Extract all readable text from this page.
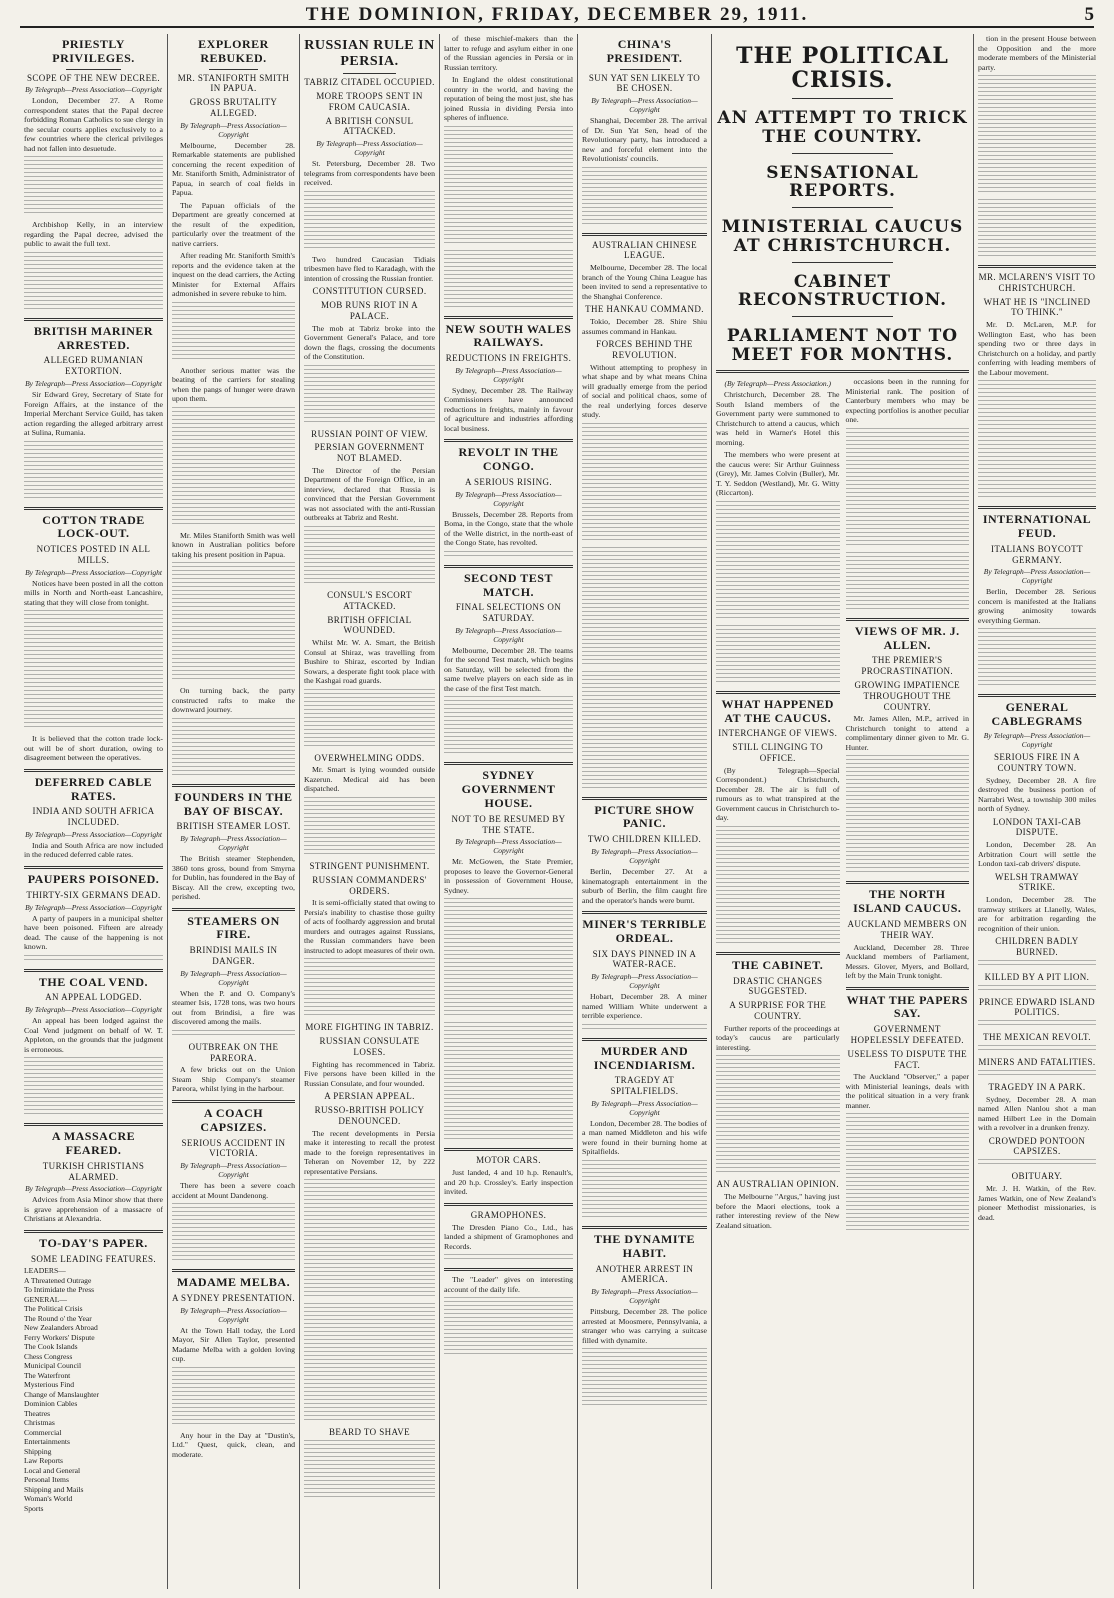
THE DOMINION, FRIDAY, DECEMBER 29, 1911.	5
PRIESTLY PRIVILEGES.
SCOPE OF THE NEW DECREE.
By Telegraph—Press Association—Copyright

London, December 27. A Rome correspondent states that the Papal decree forbidding Roman Catholics to sue clergy in the secular courts applies exclusively to a few countries where the clerical privileges had not fallen into desuetude.

Archbishop Kelly, in an interview regarding the Papal decree, advised the public to await the full text.

BRITISH MARINER ARRESTED.
ALLEGED RUMANIAN EXTORTION.
By Telegraph—Press Association—Copyright

Sir Edward Grey, Secretary of State for Foreign Affairs, at the instance of the Imperial Merchant Service Guild, has taken action regarding the alleged arbitrary arrest at Sulina, Rumania.

COTTON TRADE LOCK-OUT.
NOTICES POSTED IN ALL MILLS.
By Telegraph—Press Association—Copyright

Notices have been posted in all the cotton mills in North and North-east Lancashire, stating that they will close from tonight.

It is believed that the cotton trade lock-out will be of short duration, owing to disagreement between the operatives.

DEFERRED CABLE RATES.
INDIA AND SOUTH AFRICA INCLUDED.
By Telegraph—Press Association—Copyright

India and South Africa are now included in the reduced deferred cable rates.

PAUPERS POISONED.
THIRTY-SIX GERMANS DEAD.
By Telegraph—Press Association—Copyright

A party of paupers in a municipal shelter have been poisoned. Fifteen are already dead. The cause of the happening is not known.

THE COAL VEND.
AN APPEAL LODGED.
By Telegraph—Press Association—Copyright

An appeal has been lodged against the Coal Vend judgment on behalf of W. T. Appleton, on the grounds that the judgment is erroneous.

A MASSACRE FEARED.
TURKISH CHRISTIANS ALARMED.
By Telegraph—Press Association—Copyright

Advices from Asia Minor show that there is grave apprehension of a massacre of Christians at Alexandria.

TO-DAY'S PAPER.
SOME LEADING FEATURES.
LEADERS—
A Threatened Outrage
To Intimidate the Press
GENERAL—
The Political Crisis
The Round o' the Year
New Zealanders Abroad
Ferry Workers' Dispute
The Cook Islands
Chess Congress
Municipal Council
The Waterfront
Mysterious Find
Change of Manslaughter
Dominion Cables
Theatres
Christmas
Commercial
Entertainments
Shipping
Law Reports
Local and General
Personal Items
Shipping and Mails
Woman's World
Sports
EXPLORER REBUKED.
MR. STANIFORTH SMITH IN PAPUA.
GROSS BRUTALITY ALLEGED.
By Telegraph—Press Association—Copyright

Melbourne, December 28. Remarkable statements are published concerning the recent expedition of Mr. Staniforth Smith, Administrator of Papua, in search of coal fields in Papua.

The Papuan officials of the Department are greatly concerned at the result of the expedition, particularly over the treatment of the native carriers.

After reading Mr. Staniforth Smith's reports and the evidence taken at the inquest on the dead carriers, the Acting Minister for External Affairs admonished in severe rebuke to him.

Another serious matter was the beating of the carriers for stealing when the pangs of hunger were drawn upon them.

Mr. Miles Staniforth Smith was well known in Australian politics before taking his present position in Papua.

On turning back, the party constructed rafts to make the downward journey.

FOUNDERS IN THE BAY OF BISCAY.
BRITISH STEAMER LOST.
By Telegraph—Press Association—Copyright

The British steamer Stephenden, 3860 tons gross, bound from Smyrna for Dublin, has foundered in the Bay of Biscay. All the crew, excepting two, perished.

STEAMERS ON FIRE.
BRINDISI MAILS IN DANGER.
By Telegraph—Press Association—Copyright

When the P. and O. Company's steamer Isis, 1728 tons, was two hours out from Brindisi, a fire was discovered among the mails.

OUTBREAK ON THE PAREORA.

A few bricks out on the Union Steam Ship Company's steamer Pareora, whilst lying in the harbour.

A COACH CAPSIZES.
SERIOUS ACCIDENT IN VICTORIA.
By Telegraph—Press Association—Copyright

There has been a severe coach accident at Mount Dandenong.

MADAME MELBA.
A SYDNEY PRESENTATION.
By Telegraph—Press Association—Copyright

At the Town Hall today, the Lord Mayor, Sir Allen Taylor, presented Madame Melba with a golden loving cup.

Any hour in the Day at "Dustin's, Ltd." Quest, quick, clean, and moderate.

RUSSIAN RULE IN PERSIA.
TABRIZ CITADEL OCCUPIED.
MORE TROOPS SENT IN FROM CAUCASIA.
A BRITISH CONSUL ATTACKED.
By Telegraph—Press Association—Copyright

St. Petersburg, December 28. Two telegrams from correspondents have been received.

Two hundred Caucasian Tidiais tribesmen have fled to Karadagh, with the intention of crossing the Russian frontier.

CONSTITUTION CURSED.
MOB RUNS RIOT IN A PALACE.

The mob at Tabriz broke into the Government General's Palace, and tore down the flags, crossing the documents of the Constitution.

RUSSIAN POINT OF VIEW.
PERSIAN GOVERNMENT NOT BLAMED.

The Director of the Persian Department of the Foreign Office, in an interview, declared that Russia is convinced that the Persian Government was not associated with the anti-Russian outbreaks at Tabriz and Resht.

CONSUL'S ESCORT ATTACKED.
BRITISH OFFICIAL WOUNDED.

Whilst Mr. W. A. Smart, the British Consul at Shiraz, was travelling from Bushire to Shiraz, escorted by Indian Sowars, a desperate fight took place with the Kashgai road guards.

OVERWHELMING ODDS.

Mr. Smart is lying wounded outside Kazerun. Medical aid has been dispatched.

STRINGENT PUNISHMENT.
RUSSIAN COMMANDERS' ORDERS.

It is semi-officially stated that owing to Persia's inability to chastise those guilty of acts of foolhardy aggression and brutal murders and outrages against Russians, the Russian commanders have been instructed to adopt measures of their own.

MORE FIGHTING IN TABRIZ.
RUSSIAN CONSULATE LOSES.

Fighting has recommenced in Tabriz. Five persons have been killed in the Russian Consulate, and four wounded.

A PERSIAN APPEAL.
RUSSO-BRITISH POLICY DENOUNCED.

The recent developments in Persia make it interesting to recall the protest made to the foreign representatives in Teheran on November 12, by 222 representative Persians.

BEARD TO SHAVE

of these mischief-makers than the latter to refuge and asylum either in one of the Russian agencies in Persia or in Russian territory.

In England the oldest constitutional country in the world, and having the reputation of being the most just, she has joined Russia in dividing Persia into spheres of influence.

NEW SOUTH WALES RAILWAYS.
REDUCTIONS IN FREIGHTS.
By Telegraph—Press Association—Copyright

Sydney, December 28. The Railway Commissioners have announced reductions in freights, mainly in favour of agriculture and industries affording local business.

REVOLT IN THE CONGO.
A SERIOUS RISING.
By Telegraph—Press Association—Copyright

Brussels, December 28. Reports from Boma, in the Congo, state that the whole of the Welle district, in the north-east of the Congo State, has revolted.

SECOND TEST MATCH.
FINAL SELECTIONS ON SATURDAY.
By Telegraph—Press Association—Copyright

Melbourne, December 28. The teams for the second Test match, which begins on Saturday, will be selected from the same twelve players on each side as in the case of the first Test match.

SYDNEY GOVERNMENT HOUSE.
NOT TO BE RESUMED BY THE STATE.
By Telegraph—Press Association—Copyright

Mr. McGowen, the State Premier, proposes to leave the Governor-General in possession of Government House, Sydney.

MOTOR CARS.

Just landed, 4 and 10 h.p. Renault's, and 20 h.p. Crossley's. Early inspection invited.

GRAMOPHONES.

The Dresden Piano Co., Ltd., has landed a shipment of Gramophones and Records.

The "Leader" gives on interesting account of the daily life.

CHINA'S PRESIDENT.
SUN YAT SEN LIKELY TO BE CHOSEN.
By Telegraph—Press Association—Copyright

Shanghai, December 28. The arrival of Dr. Sun Yat Sen, head of the Revolutionary party, has introduced a new and forceful element into the Revolutionists' councils.

AUSTRALIAN CHINESE LEAGUE.

Melbourne, December 28. The local branch of the Young China League has been invited to send a representative to the Shanghai Conference.

THE HANKAU COMMAND.

Tokio, December 28. Shire Shiu assumes command in Hankau.

FORCES BEHIND THE REVOLUTION.

Without attempting to prophesy in what shape and by what means China will gradually emerge from the period of social and political chaos, some of the real underlying forces deserve study.

PICTURE SHOW PANIC.
TWO CHILDREN KILLED.
By Telegraph—Press Association—Copyright

Berlin, December 27. At a kinematograph entertainment in the suburb of Berlin, the film caught fire and the operator's hands were burnt.

MINER'S TERRIBLE ORDEAL.
SIX DAYS PINNED IN A WATER-RACE.
By Telegraph—Press Association—Copyright

Hobart, December 28. A miner named William White underwent a terrible experience.

MURDER AND INCENDIARISM.
TRAGEDY AT SPITALFIELDS.
By Telegraph—Press Association—Copyright

London, December 28. The bodies of a man named Middleton and his wife were found in their burning home at Spitalfields.

THE DYNAMITE HABIT.
ANOTHER ARREST IN AMERICA.
By Telegraph—Press Association—Copyright

Pittsburg, December 28. The police arrested at Moosmere, Pennsylvania, a stranger who was carrying a suitcase filled with dynamite.

THE POLITICAL CRISIS.
AN ATTEMPT TO TRICK THE COUNTRY.
SENSATIONAL REPORTS.
MINISTERIAL CAUCUS AT CHRISTCHURCH.
CABINET RECONSTRUCTION.
PARLIAMENT NOT TO MEET FOR MONTHS.
(By Telegraph—Press Association.)

Christchurch, December 28. The South Island members of the Government party were summoned to Christchurch to attend a caucus, which was held in Warner's Hotel this morning.

The members who were present at the caucus were: Sir Arthur Guinness (Grey), Mr. James Colvin (Buller), Mr. T. Y. Seddon (Westland), Mr. G. Witty (Riccarton).

WHAT HAPPENED AT THE CAUCUS.
INTERCHANGE OF VIEWS.
STILL CLINGING TO OFFICE.

(By Telegraph—Special Correspondent.) Christchurch, December 28. The air is full of rumours as to what transpired at the Government caucus in Christchurch to-day.

THE CABINET.
DRASTIC CHANGES SUGGESTED.
A SURPRISE FOR THE COUNTRY.

Further reports of the proceedings at today's caucus are particularly interesting.

AN AUSTRALIAN OPINION.

The Melbourne "Argus," having just before the Maori elections, took a rather interesting review of the New Zealand situation.

occasions been in the running for Ministerial rank. The position of Canterbury members who may be expecting portfolios is another peculiar one.

VIEWS OF MR. J. ALLEN.
THE PREMIER'S PROCRASTINATION.
GROWING IMPATIENCE THROUGHOUT THE COUNTRY.

Mr. James Allen, M.P., arrived in Christchurch tonight to attend a complimentary dinner given to Mr. G. Hunter.

THE NORTH ISLAND CAUCUS.
AUCKLAND MEMBERS ON THEIR WAY.

Auckland, December 28. Three Auckland members of Parliament, Messrs. Glover, Myers, and Bollard, left by the Main Trunk tonight.

WHAT THE PAPERS SAY.
GOVERNMENT HOPELESSLY DEFEATED.
USELESS TO DISPUTE THE FACT.

The Auckland "Observer," a paper with Ministerial leanings, deals with the political situation in a very frank manner.

tion in the present House between the Opposition and the more moderate members of the Ministerial party.

MR. MCLAREN'S VISIT TO CHRISTCHURCH.
WHAT HE IS "INCLINED TO THINK."

Mr. D. McLaren, M.P. for Wellington East, who has been spending two or three days in Christchurch on a holiday, and partly conferring with leading members of the Labour movement.

INTERNATIONAL FEUD.
ITALIANS BOYCOTT GERMANY.
By Telegraph—Press Association—Copyright

Berlin, December 28. Serious concern is manifested at the Italians growing animosity towards everything German.

GENERAL CABLEGRAMS
By Telegraph—Press Association—Copyright
SERIOUS FIRE IN A COUNTRY TOWN.

Sydney, December 28. A fire destroyed the business portion of Narrabri West, a township 300 miles north of Sydney.

LONDON TAXI-CAB DISPUTE.

London, December 28. An Arbitration Court will settle the London taxi-cab drivers' dispute.

WELSH TRAMWAY STRIKE.

London, December 28. The tramway strikers at Llanelly, Wales, are for arbitration regarding the recognition of their union.

CHILDREN BADLY BURNED.
KILLED BY A PIT LION.
PRINCE EDWARD ISLAND POLITICS.
THE MEXICAN REVOLT.
MINERS AND FATALITIES.
TRAGEDY IN A PARK.

Sydney, December 28. A man named Allen Nanlou shot a man named Hilbert Lee in the Domain with a revolver in a drunken frenzy.

CROWDED PONTOON CAPSIZES.
OBITUARY.

Mr. J. H. Watkin, of the Rev. James Watkin, one of New Zealand's pioneer Methodist missionaries, is dead.
